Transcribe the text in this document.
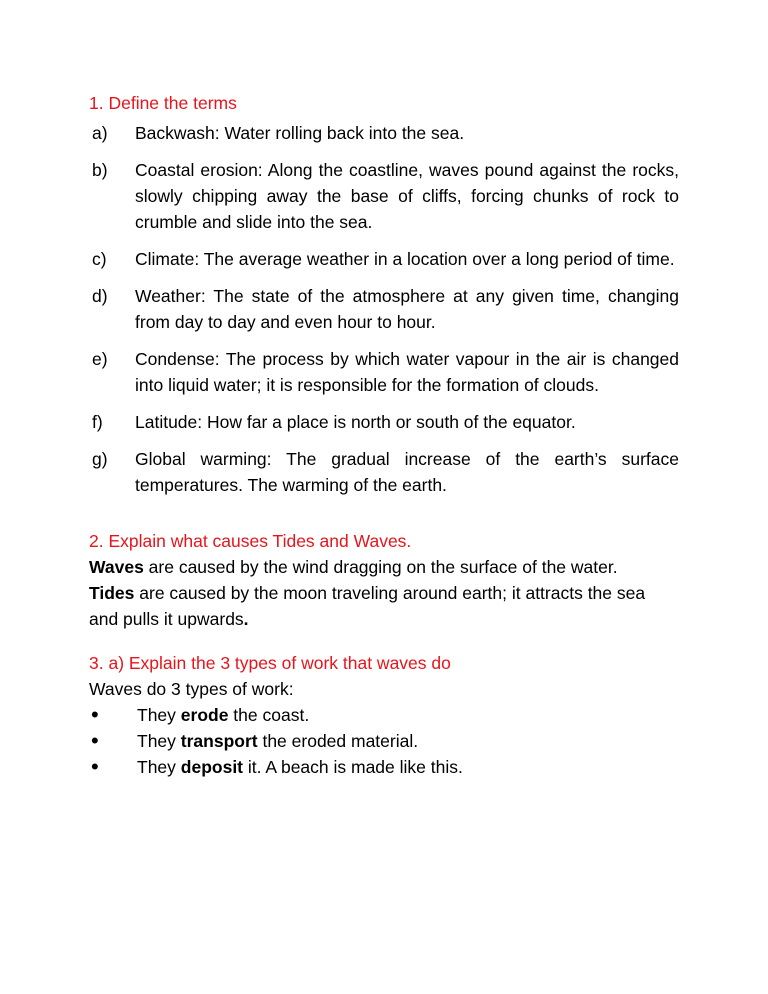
1. Define the terms

a)	Backwash: Water rolling back into the sea.
b)	Coastal erosion: Along the coastline, waves pound against the rocks, slowly chipping away the base of cliffs, forcing chunks of rock to crumble and slide into the sea.
c)	Climate: The average weather in a location over a long period of time.
d)	Weather: The state of the atmosphere at any given time, changing from day to day and even hour to hour.
e)	Condense: The process by which water vapour in the air is changed into liquid water; it is responsible for the formation of clouds.
f)	Latitude: How far a place is north or south of the equator.
g)	Global warming: The gradual increase of the earth’s surface temperatures. The warming of the earth.

2. Explain what causes Tides and Waves.

Waves are caused by the wind dragging on the surface of the water.

Tides are caused by the moon traveling around earth; it attracts the sea and pulls it upwards.

3. a) Explain the 3 types of work that waves do

Waves do 3 types of work:

•	They erode the coast.
•	They transport the eroded material.
•	They deposit it. A beach is made like this.
